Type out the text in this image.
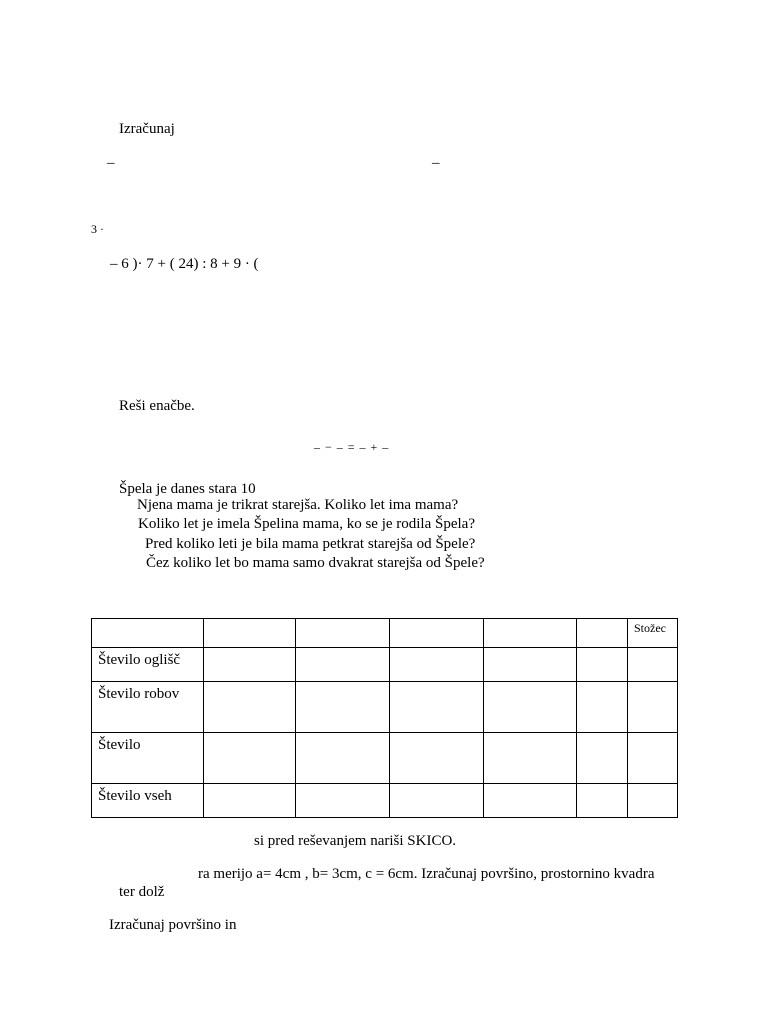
Izračunaj
–	–
3 ·
– 6 )· 7 + ( 24) : 8 + 9 · (
Reši enačbe.
– − – = – + –
Špela je danes stara 10
Njena mama je trikrat starejša. Koliko let ima mama?
Koliko let je imela Špelina mama, ko se je rodila Špela?
Pred koliko leti je bila mama petkrat starejša od Špele?
Čez koliko let bo mama samo dvakrat starejša od Špele?

						Stožec

Število oglišč						

Število robov						

Število						

Število vseh						

si pred reševanjem nariši SKICO.
ra merijo a= 4cm , b= 3cm, c = 6cm. Izračunaj površino, prostornino kvadra
ter dolž
Izračunaj površino in
